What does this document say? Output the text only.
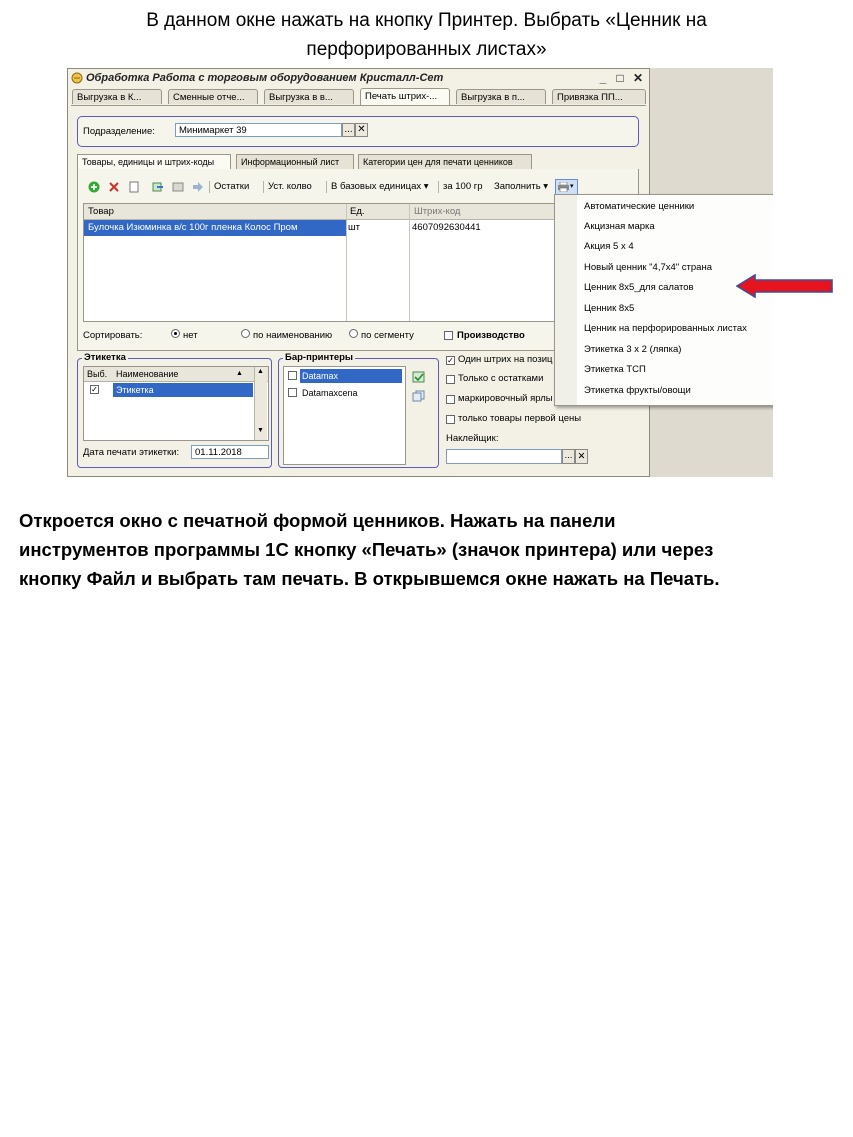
В данном окне нажать на кнопку Принтер. Выбрать «Ценник на
перфорированных листах»
Обработка Работа с торговым оборудованием Кристалл-Сет	_ □ ✕
Выгрузка в К...	Сменные отче...	Выгрузка в в...	Печать штрих-...	Выгрузка в п...	Привязка ПП...
Подразделение:	Минимаркет 39	... ✕
Товары, единицы и штрих-коды	Информационный лист	Категории цен для печати ценников
Остатки Уст. колво В базовых единицах ▾ за 100 гр Заполнить ▾	▾
Товар	Ед.	Штрих-код
Булочка Изюминка в/с 100г пленка Колос Пром	шт	4607092630441
Сортировать:	нет	по наименованию	по сегменту	Производство
Этикетка
Выб. Наименование	▲
✓	Этикетка
▲
▼
Дата печати этикетки:	01.11.2018
Бар-принтеры
Datamax
Datamaxcena
✓ Один штрих на позиц
Только с остатками
маркировочный ярлы
только товары первой цены
Наклейщик:
... ✕
Автоматические ценники
Акцизная марка
Акция 5 х 4
Новый ценник "4,7х4" страна
Ценник 8х5_для салатов
Ценник 8х5
Ценник на перфорированных листах
Этикетка 3 х 2 (ляпка)
Этикетка ТСП
Этикетка фрукты/овощи
Откроется окно с печатной формой ценников. Нажать на панели
инструментов программы 1С кнопку «Печать» (значок принтера) или через
кнопку Файл и выбрать там печать. В открывшемся окне нажать на Печать.
